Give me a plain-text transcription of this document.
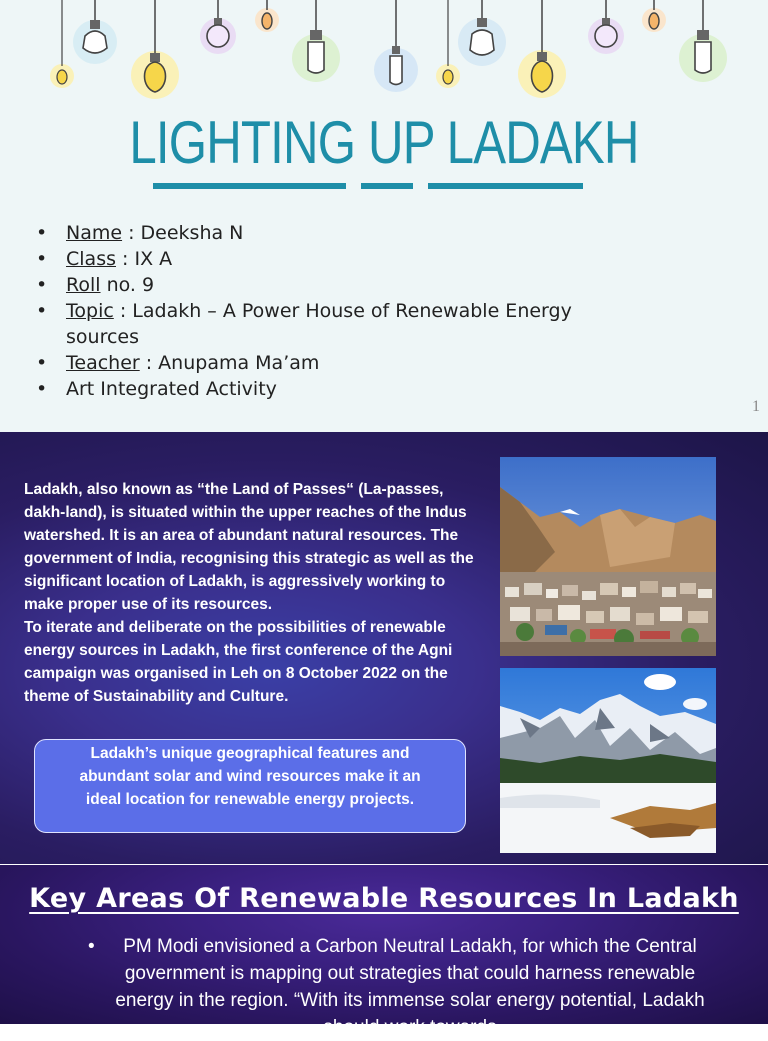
LIGHTING UP LADAKH
• Name : Deeksha N
• Class : IX A
• Roll no. 9
• Topic : Ladakh – A Power House of Renewable Energy sources
• Teacher : Anupama Ma’am
• Art Integrated Activity
1

Ladakh, also known as “the Land of Passes“ (La-passes, dakh-land), is situated within the upper reaches of the Indus watershed. It is an area of abundant natural resources. The government of India, recognising this strategic as well as the significant location of Ladakh, is aggressively working to make proper use of its resources.

To iterate and deliberate on the possibilities of renewable energy sources in Ladakh, the first conference of the Agni campaign was organised in Leh on 8 October 2022 on the theme of Sustainability and Culture.

Ladakh’s unique geographical features and abundant solar and wind resources make it an ideal location for renewable energy projects.
Key Areas Of Renewable Resources In Ladakh

• PM Modi envisioned a Carbon Neutral Ladakh, for which the Central government is mapping out strategies that could harness renewable energy in the region. “With its immense solar energy potential, Ladakh should work towards
